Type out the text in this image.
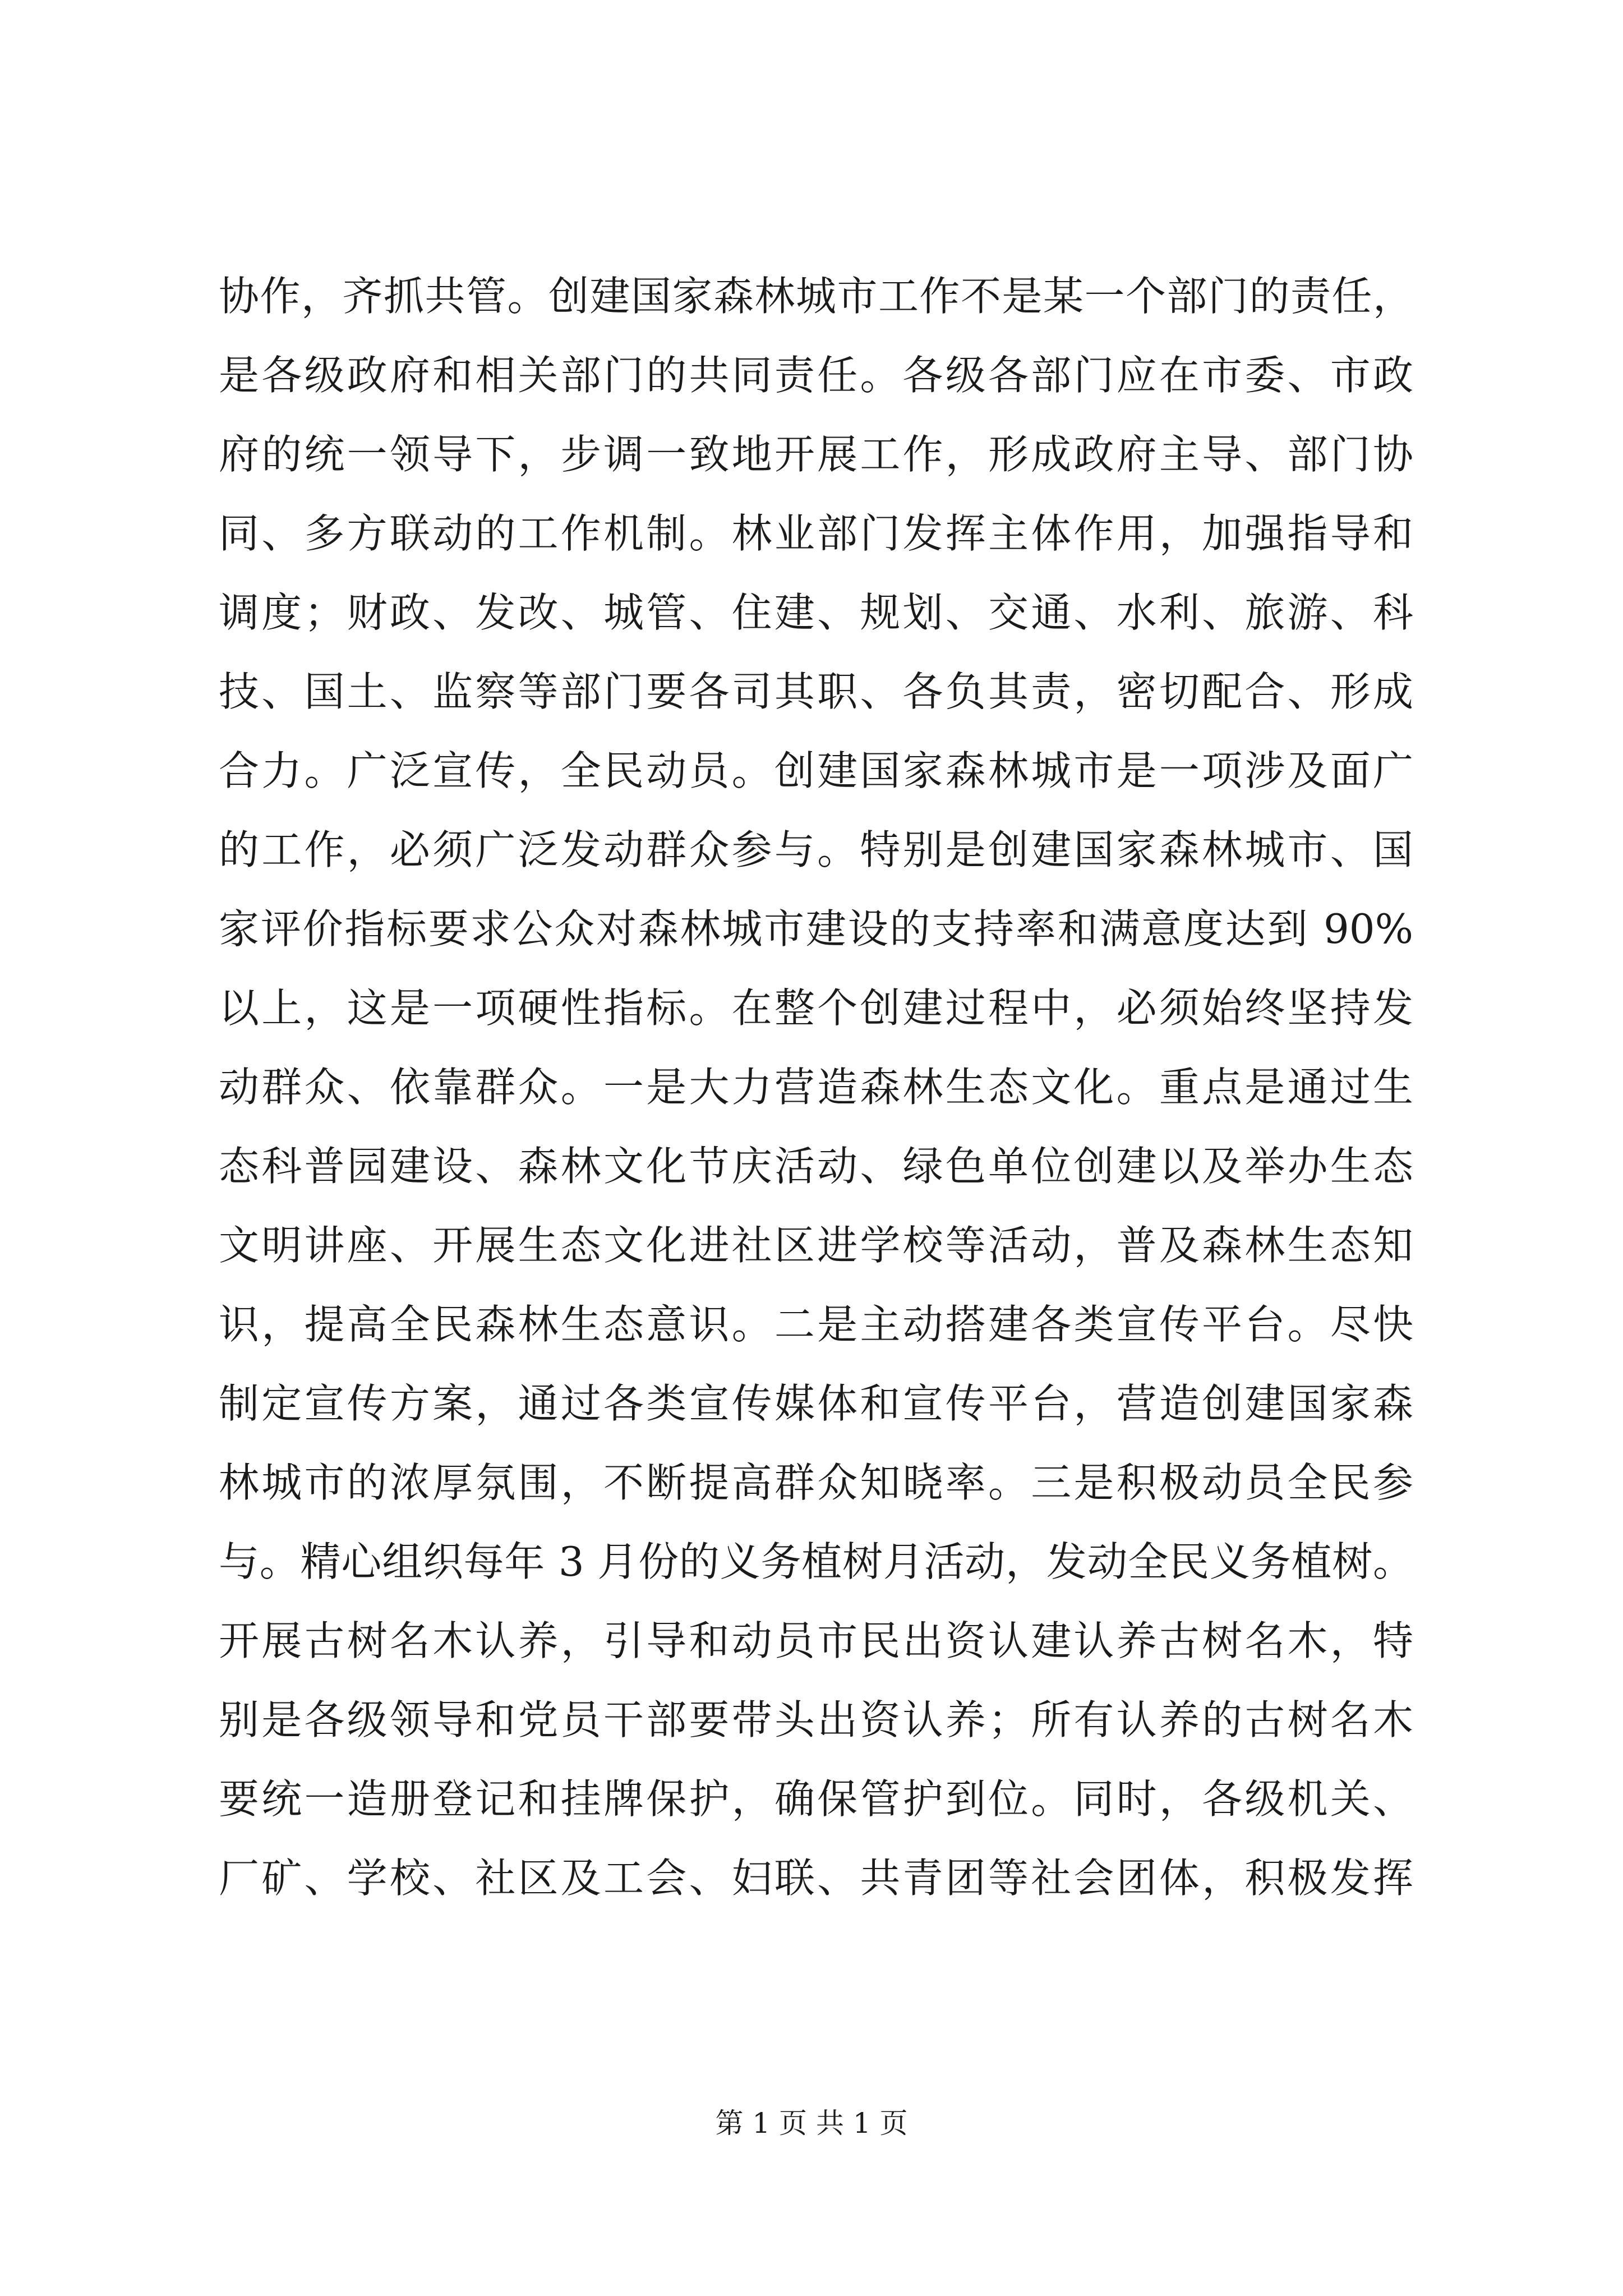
协作，齐抓共管。创建国家森林城市工作不是某一个部门的责任，
是各级政府和相关部门的共同责任。各级各部门应在市委、市政
府的统一领导下，步调一致地开展工作，形成政府主导、部门协
同、多方联动的工作机制。林业部门发挥主体作用，加强指导和
调度；财政、发改、城管、住建、规划、交通、水利、旅游、科
技、国土、监察等部门要各司其职、各负其责，密切配合、形成
合力。广泛宣传，全民动员。创建国家森林城市是一项涉及面广
的工作，必须广泛发动群众参与。特别是创建国家森林城市、国
家评价指标要求公众对森林城市建设的支持率和满意度达到 90%
以上，这是一项硬性指标。在整个创建过程中，必须始终坚持发
动群众、依靠群众。一是大力营造森林生态文化。重点是通过生
态科普园建设、森林文化节庆活动、绿色单位创建以及举办生态
文明讲座、开展生态文化进社区进学校等活动，普及森林生态知
识，提高全民森林生态意识。二是主动搭建各类宣传平台。尽快
制定宣传方案，通过各类宣传媒体和宣传平台，营造创建国家森
林城市的浓厚氛围，不断提高群众知晓率。三是积极动员全民参
与。精心组织每年 3 月份的义务植树月活动，发动全民义务植树。
开展古树名木认养，引导和动员市民出资认建认养古树名木，特
别是各级领导和党员干部要带头出资认养；所有认养的古树名木
要统一造册登记和挂牌保护，确保管护到位。同时，各级机关、
厂矿、学校、社区及工会、妇联、共青团等社会团体，积极发挥
第 1 页 共 1 页
